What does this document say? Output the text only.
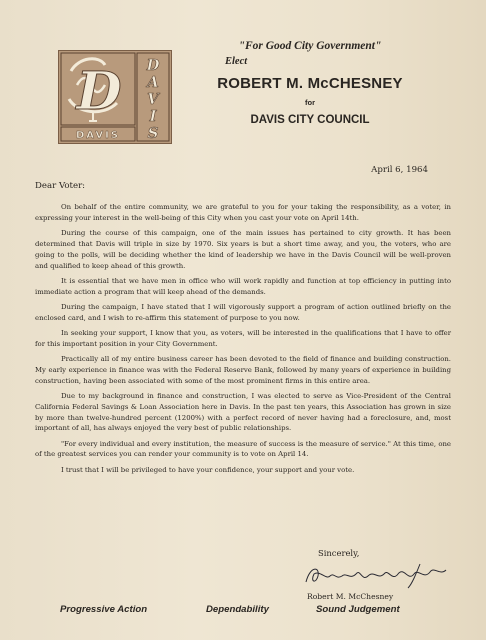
D D
A
V
I
S
DAVIS
"For Good City Government"
Elect
ROBERT M. McCHESNEY
for
DAVIS CITY COUNCIL
April 6, 1964
Dear Voter:

On behalf of the entire community, we are grateful to you for your taking the responsibility, as a voter, in expressing your interest in the well-being of this City when you cast your vote on April 14th.

During the course of this campaign, one of the main issues has pertained to city growth. It has been determined that Davis will triple in size by 1970. Six years is but a short time away, and you, the voters, who are going to the polls, will be deciding whether the kind of leadership we have in the Davis Council will be well-proven and qualified to keep ahead of this growth.

It is essential that we have men in office who will work rapidly and function at top efficiency in putting into immediate action a program that will keep ahead of the demands.

During the campaign, I have stated that I will vigorously support a program of action outlined briefly on the enclosed card, and I wish to re-affirm this statement of purpose to you now.

In seeking your support, I know that you, as voters, will be interested in the qualifications that I have to offer for this important position in your City Government.

Practically all of my entire business career has been devoted to the field of finance and building construction. My early experience in finance was with the Federal Reserve Bank, followed by many years of experience in building construction, having been associated with some of the most prominent firms in this entire area.

Due to my background in finance and construction, I was elected to serve as Vice-President of the Central California Federal Savings & Loan Association here in Davis. In the past ten years, this Association has grown in size by more than twelve-hundred percent (1200%) with a perfect record of never having had a foreclosure, and, most important of all, has always enjoyed the very best of public relationships.

"For every individual and every institution, the measure of success is the measure of service." At this time, one of the greatest services you can render your community is to vote on April 14.

I trust that I will be privileged to have your confidence, your support and your vote.

Sincerely,
Robert M. McChesney
Progressive Action	Dependability	Sound Judgement
